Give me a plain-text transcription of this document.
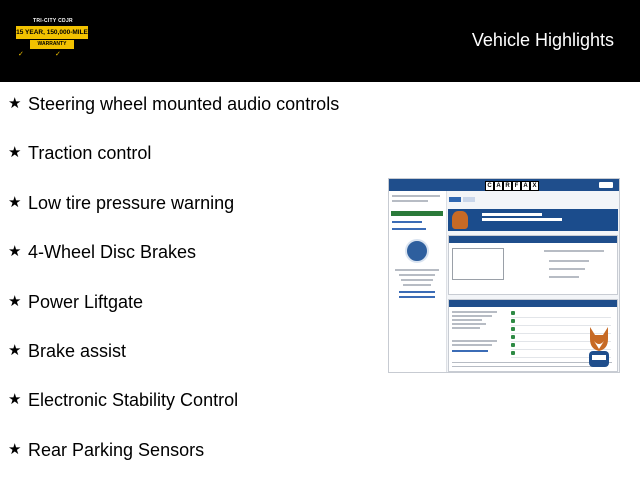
TRI-CITY CDJR
15 YEAR, 150,000-MILE
WARRANTY
✓	✓
Vehicle Highlights
★ Steering wheel mounted audio controls
★ Traction control
★ Low tire pressure warning
★ 4-Wheel Disc Brakes
★ Power Liftgate
★ Brake assist
★ Electronic Stability Control
★ Rear Parking Sensors
C A R F A X
